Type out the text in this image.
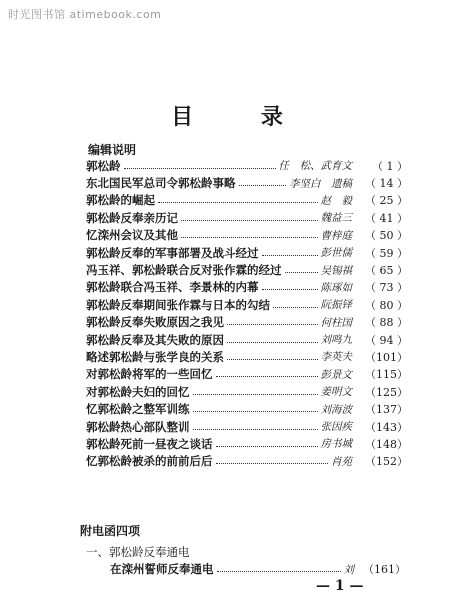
时光图书馆 atimebook.com
目 录
编辑说明
郭松龄	任　松、武育文	（ 1 ）
东北国民军总司令郭松龄事略	李坚白　遗稿	（ 14 ）
郭松龄的崛起	赵　毅	（ 25 ）
郭松龄反奉亲历记	魏益三	（ 41 ）
忆滦州会议及其他	曹梓庭	（ 50 ）
郭松龄反奉的军事部署及战斗经过	彭世儒	（ 59 ）
冯玉祥、郭松龄联合反对张作霖的经过	吴锡祺	（ 65 ）
郭松龄联合冯玉祥、李景林的内幕	陈琢如	（ 73 ）
郭松龄反奉期间张作霖与日本的勾结	阮振铎	（ 80 ）
郭松龄反奉失败原因之我见	何柱国	（ 88 ）
郭松龄反奉及其失败的原因	刘鸣九	（ 94 ）
略述郭松龄与张学良的关系	李英夫	（101）
对郭松龄将军的一些回忆	彭景文	（115）
对郭松龄夫妇的回忆	姜明文	（125）
忆郭松龄之整军训练	刘海波	（137）
郭松龄热心部队整训	张因疾	（143）
郭松龄死前一昼夜之谈话	房书城	（148）
忆郭松龄被杀的前前后后	肖苑	（152）
附电函四项
一、郭松龄反奉通电
在滦州誓师反奉通电	刘 （161）
— 1 —
